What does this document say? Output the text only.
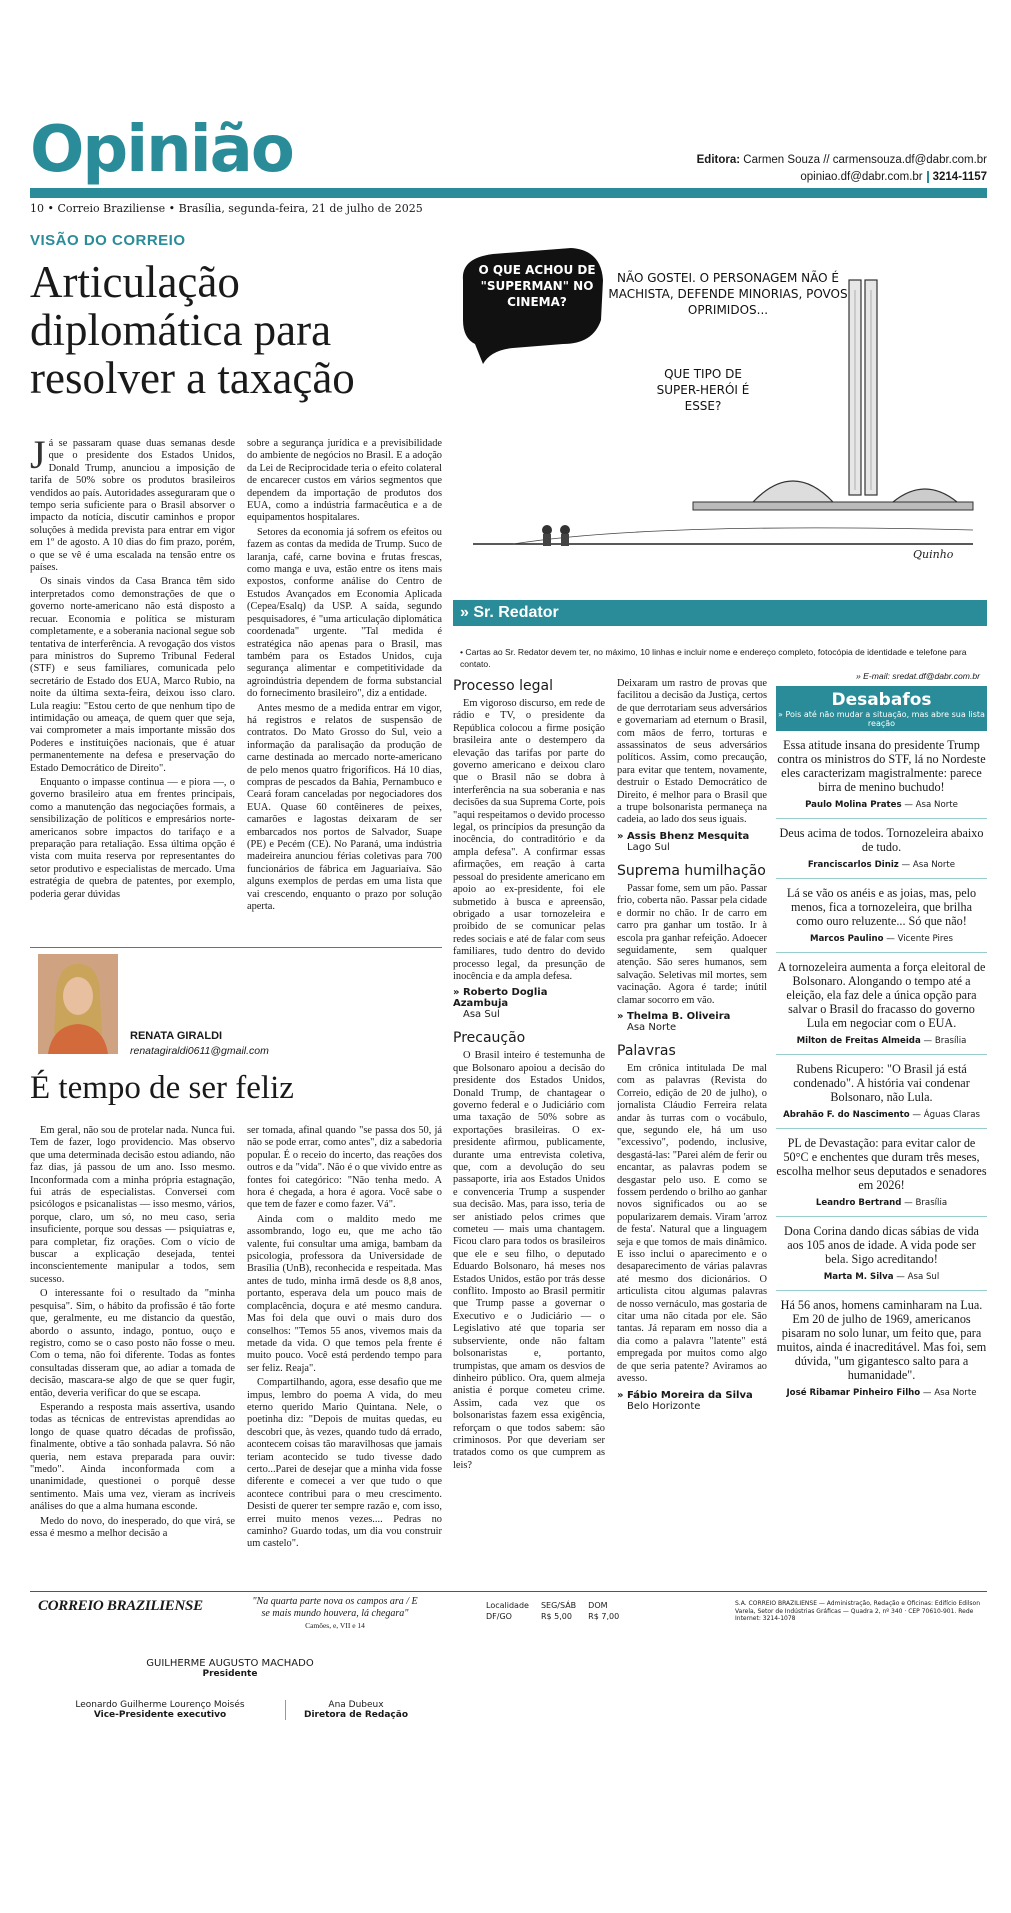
Opinião
10 • Correio Braziliense • Brasília, segunda-feira, 21 de julho de 2025
Editora: Carmen Souza // carmensouza.df@dabr.com.br
opiniao.df@dabr.com.br 3214-1157
VISÃO DO CORREIO
Articulação diplomática para resolver a taxação

Já se passaram quase duas semanas desde que o presidente dos Estados Unidos, Donald Trump, anunciou a imposição de tarifa de 50% sobre os produtos brasileiros vendidos ao país. Autoridades asseguraram que o tempo seria suficiente para o Brasil absorver o impacto da notícia, discutir caminhos e propor soluções à medida prevista para entrar em vigor em 1º de agosto. A 10 dias do fim prazo, porém, o que se vê é uma escalada na tensão entre os países.

Os sinais vindos da Casa Branca têm sido interpretados como demonstrações de que o governo norte-americano não está disposto a recuar. Economia e política se misturam completamente, e a soberania nacional segue sob tentativa de interferência. A revogação dos vistos para ministros do Supremo Tribunal Federal (STF) e seus familiares, comunicada pelo secretário de Estado dos EUA, Marco Rubio, na noite da última sexta-feira, deixou isso claro. Lula reagiu: "Estou certo de que nenhum tipo de intimidação ou ameaça, de quem quer que seja, vai comprometer a mais importante missão dos Poderes e instituições nacionais, que é atuar permanentemente na defesa e preservação do Estado Democrático de Direito".

Enquanto o impasse continua — e piora —, o governo brasileiro atua em frentes principais, como a manutenção das negociações formais, a sensibilização de políticos e empresários norte-americanos sobre impactos do tarifaço e a preparação para retaliação. Essa última opção é vista com muita reserva por representantes do setor produtivo e especialistas de mercado. Uma estratégia de quebra de patentes, por exemplo, poderia gerar dúvidas

sobre a segurança jurídica e a previsibilidade do ambiente de negócios no Brasil. E a adoção da Lei de Reciprocidade teria o efeito colateral de encarecer custos em vários segmentos que dependem da importação de produtos dos EUA, como a indústria farmacêutica e a de equipamentos hospitalares.

Setores da economia já sofrem os efeitos ou fazem as contas da medida de Trump. Suco de laranja, café, carne bovina e frutas frescas, como manga e uva, estão entre os itens mais expostos, conforme análise do Centro de Estudos Avançados em Economia Aplicada (Cepea/Esalq) da USP. A saída, segundo pesquisadores, é "uma articulação diplomática coordenada" urgente. "Tal medida é estratégica não apenas para o Brasil, mas também para os Estados Unidos, cuja segurança alimentar e competitividade da agroindústria dependem de forma substancial do fornecimento brasileiro", diz a entidade.

Antes mesmo de a medida entrar em vigor, há registros e relatos de suspensão de contratos. Do Mato Grosso do Sul, veio a informação da paralisação da produção de carne destinada ao mercado norte-americano de pelo menos quatro frigoríficos. Há 10 dias, compras de pescados da Bahia, Pernambuco e Ceará foram canceladas por negociadores dos EUA. Quase 60 contêineres de peixes, camarões e lagostas deixaram de ser embarcados nos portos de Salvador, Suape (PE) e Pecém (CE). No Paraná, uma indústria madeireira anunciou férias coletivas para 700 funcionários de fábrica em Jaguariaíva. São alguns exemplos de perdas em uma lista que vai crescendo, enquanto o prazo por solução aperta.

RENATA GIRALDI
renatagiraldi0611@gmail.com
É tempo de ser feliz

Em geral, não sou de protelar nada. Nunca fui. Tem de fazer, logo providencio. Mas observo que uma determinada decisão estou adiando, não faz dias, já passou de um ano. Isso mesmo. Inconformada com a minha própria estagnação, fui atrás de especialistas. Conversei com psicólogos e psicanalistas — isso mesmo, vários, porque, claro, um só, no meu caso, seria insuficiente, porque sou dessas — psiquiatras e, para completar, fiz orações. Com o vício de buscar a explicação desejada, tentei inconscientemente manipular a todos, sem sucesso.

O interessante foi o resultado da "minha pesquisa". Sim, o hábito da profissão é tão forte que, geralmente, eu me distancio da questão, abordo o assunto, indago, pontuo, ouço e registro, como se o caso posto não fosse o meu. Com o tema, não foi diferente. Todas as fontes consultadas disseram que, ao adiar a tomada de decisão, mascara-se algo de que se quer fugir, então, deveria verificar do que se escapa.

Esperando a resposta mais assertiva, usando todas as técnicas de entrevistas aprendidas ao longo de quase quatro décadas de profissão, finalmente, obtive a tão sonhada palavra. Só não queria, nem estava preparada para ouvir: "medo". Ainda inconformada com a unanimidade, questionei o porquê desse sentimento. Mais uma vez, vieram as incríveis análises do que a alma humana esconde.

Medo do novo, do inesperado, do que virá, se essa é mesmo a melhor decisão a

ser tomada, afinal quando "se passa dos 50, já não se pode errar, como antes", diz a sabedoria popular. É o receio do incerto, das reações dos outros e da "vida". Não é o que vivido entre as fontes foi categórico: "Não tenha medo. A hora é chegada, a hora é agora. Você sabe o que tem de fazer e como fazer. Vá".

Ainda com o maldito medo me assombrando, logo eu, que me acho tão valente, fui consultar uma amiga, bambam da psicologia, professora da Universidade de Brasília (UnB), reconhecida e respeitada. Mas antes de tudo, minha irmã desde os 8,8 anos, portanto, esperava dela um pouco mais de complacência, doçura e até mesmo candura. Mas foi dela que ouvi o mais duro dos conselhos: "Temos 55 anos, vivemos mais da metade da vida. O que temos pela frente é muito pouco. Você está perdendo tempo para ser feliz. Reaja".

Compartilhando, agora, esse desafio que me impus, lembro do poema A vida, do meu eterno querido Mario Quintana. Nele, o poetinha diz: "Depois de muitas quedas, eu descobri que, às vezes, quando tudo dá errado, acontecem coisas tão maravilhosas que jamais teriam acontecido se tudo tivesse dado certo...Parei de desejar que a minha vida fosse diferente e comecei a ver que tudo o que acontece contribui para o meu crescimento. Desisti de querer ter sempre razão e, com isso, errei muito menos vezes.... Pedras no caminho? Guardo todas, um dia vou construir um castelo".

O QUE ACHOU DE "SUPERMAN" NO CINEMA?
NÃO GOSTEI. O PERSONAGEM NÃO É MACHISTA, DEFENDE MINORIAS, POVOS OPRIMIDOS...
QUE TIPO DE SUPER-HERÓI É ESSE?
Quinho
» Sr. Redator
• Cartas ao Sr. Redator devem ter, no máximo, 10 linhas e incluir nome e endereço completo, fotocópia de identidade e telefone para contato.
» E-mail: sredat.df@dabr.com.br
Processo legal

Em vigoroso discurso, em rede de rádio e TV, o presidente da República colocou a firme posição brasileira ante o destempero da elevação das tarifas por parte do governo americano e deixou claro que o Brasil não se dobra à interferência na sua soberania e nas decisões da sua Suprema Corte, pois "aqui respeitamos o devido processo legal, os princípios da presunção da inocência, do contraditório e da ampla defesa". A confirmar essas afirmações, em reação à carta pessoal do presidente americano em apoio ao ex-presidente, foi ele submetido à busca e apreensão, obrigado a usar tornozeleira e proibido de se comunicar pelas redes sociais e até de falar com seus familiares, tudo dentro do devido processo legal, da presunção de inocência e da ampla defesa.

» Roberto Doglia Azambuja
Asa Sul
Precaução

O Brasil inteiro é testemunha de que Bolsonaro apoiou a decisão do presidente dos Estados Unidos, Donald Trump, de chantagear o governo federal e o Judiciário com uma taxação de 50% sobre as exportações brasileiras. O ex-presidente afirmou, publicamente, durante uma entrevista coletiva, que, com a devolução do seu passaporte, iria aos Estados Unidos e convenceria Trump a suspender sua decisão. Mas, para isso, teria de ser anistiado pelos crimes que cometeu — mais uma chantagem. Ficou claro para todos os brasileiros que ele e seu filho, o deputado Eduardo Bolsonaro, há meses nos Estados Unidos, estão por trás desse conflito. Imposto ao Brasil permitir que Trump passe a governar o Executivo e o Judiciário — o Legislativo até que toparia ser subserviente, onde não faltam bolsonaristas e, portanto, trumpistas, que amam os desvios de dinheiro público. Ora, quem almeja anistia é porque cometeu crime. Assim, cada vez que os bolsonaristas fazem essa exigência, reforçam o que todos sabem: são criminosos. Por que deveriam ser tratados como os que cumprem as leis?

Deixaram um rastro de provas que facilitou a decisão da Justiça, certos de que derrotariam seus adversários e governariam ad eternum o Brasil, com mãos de ferro, torturas e assassinatos de seus adversários políticos. Assim, como precaução, para evitar que tentem, novamente, destruir o Estado Democrático de Direito, é melhor para o Brasil que a trupe bolsonarista permaneça na cadeia, ao lado dos seus iguais.

» Assis Bhenz Mesquita
Lago Sul
Suprema humilhação

Passar fome, sem um pão. Passar frio, coberta não. Passar pela cidade e dormir no chão. Ir de carro em carro pra ganhar um tostão. Ir à escola pra ganhar refeição. Adoecer seguidamente, sem qualquer atenção. São seres humanos, sem salvação. Seletivas mil mortes, sem vacinação. Agora é tarde; inútil clamar socorro em vão.

» Thelma B. Oliveira
Asa Norte
Palavras

Em crônica intitulada De mal com as palavras (Revista do Correio, edição de 20 de julho), o jornalista Cláudio Ferreira relata andar às turras com o vocábulo, que, segundo ele, há um uso "excessivo", podendo, inclusive, desgastá-las: "Parei além de ferir ou encantar, as palavras podem se desgastar pelo uso. E como se fossem perdendo o brilho ao ganhar novos significados ou ao se popularizarem demais. Viram 'arroz de festa'. Natural que a linguagem seja e que tomos de mais dinâmico. E isso inclui o aparecimento e o desaparecimento de várias palavras até mesmo dos dicionários. O articulista citou algumas palavras de nosso vernáculo, mas gostaria de citar uma não citada por ele. São tantas. Já reparam em nosso dia a dia como a palavra "latente" está empregada por muitos como algo de que seria patente? Aviramos ao avesso.

» Fábio Moreira da Silva
Belo Horizonte
Desabafos
» Pois até não mudar a situação, mas abre sua lista reação
Essa atitude insana do presidente Trump contra os ministros do STF, lá no Nordeste eles caracterizam magistralmente: parece birra de menino buchudo!
Paulo Molina Prates — Asa Norte
Deus acima de todos. Tornozeleira abaixo de tudo.
Franciscarlos Diniz — Asa Norte
Lá se vão os anéis e as joias, mas, pelo menos, fica a tornozeleira, que brilha como ouro reluzente... Só que não!
Marcos Paulino — Vicente Pires
A tornozeleira aumenta a força eleitoral de Bolsonaro. Alongando o tempo até a eleição, ela faz dele a única opção para salvar o Brasil do fracasso do governo Lula em negociar com o EUA.
Milton de Freitas Almeida — Brasília
Rubens Ricupero: "O Brasil já está condenado". A história vai condenar Bolsonaro, não Lula.
Abrahão F. do Nascimento — Águas Claras
PL de Devastação: para evitar calor de 50°C e enchentes que duram três meses, escolha melhor seus deputados e senadores em 2026!
Leandro Bertrand — Brasília
Dona Corina dando dicas sábias de vida aos 105 anos de idade. A vida pode ser bela. Sigo acreditando!
Marta M. Silva — Asa Sul
Há 56 anos, homens caminharam na Lua. Em 20 de julho de 1969, americanos pisaram no solo lunar, um feito que, para muitos, ainda é inacreditável. Mas foi, sem dúvida, "um gigantesco salto para a humanidade".
José Ribamar Pinheiro Filho — Asa Norte
CORREIO BRAZILIENSE	"Na quarta parte nova os campos ara / E se mais mundo houvera, lá chegara"
Camões, e, VII e 14
GUILHERME AUGUSTO MACHADO
Presidente
Leonardo Guilherme Lourenço Moisés
Vice-Presidente executivo
Ana Dubeux
Diretora de Redação
Localidade	SEG/SÁB	DOM
DF/GO	R$ 5,00	R$ 7,00
S.A. CORREIO BRAZILIENSE — Administração, Redação e Oficinas: Edifício Edilson Varela, Setor de Indústrias Gráficas — Quadra 2, nº 340 · CEP 70610-901. Rede Internet: 3214-1078
